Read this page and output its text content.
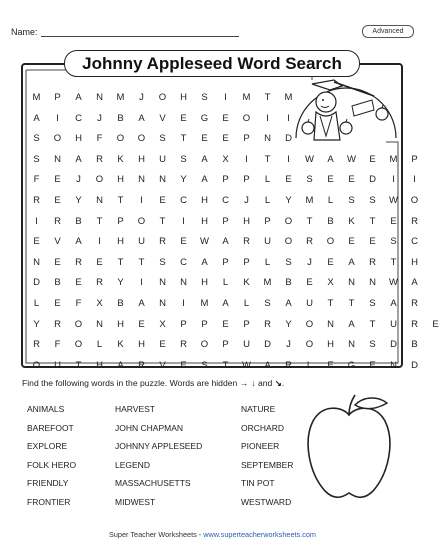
Name:	Advanced
Johnny Appleseed Word Search
M	P	A	N	M	J	O	H	S	I	M	T	M
A	I	C	J	B	A	V	E	G	E	O	I	I
S	O	H	F	O	O	S	T	E	E	P	N	D
S	N	A	R	K	H	U	S	A	X	I	T	I	W	A	W	E	M	P
F	E	J	O	H	N	N	Y	A	P	P	L	E	S	E	E	D	I	I
R	E	Y	N	T	I	E	C	H	C	J	L	Y	M	L	S	S	W	O
I	R	B	T	P	O	T	I	H	P	H	P	O	T	B	K	T	E	R
E	V	A	I	H	U	R	E	W	A	R	U	O	R	O	E	E	S	C
N	E	R	E	T	T	S	C	A	P	P	L	S	J	E	A	R	T	H
D	B	E	R	Y	I	N	N	H	L	K	M	B	E	X	N	N	W	A
L	E	F	X	B	A	N	I	M	A	L	S	A	U	T	T	S	A	R
Y	R	O	N	H	E	X	P	P	E	P	R	Y	O	N	A	T	U	R	E
R	F	O	L	K	H	E	R	O	P	U	D	J	O	H	N	S	D	B
O	U	T	H	A	R	V	E	S	T	W	A	R	L	E	G	E	N	D
Find the following words in the puzzle. Words are hidden → ↓ and ↘.
ANIMALS
BAREFOOT
EXPLORE
FOLK HERO
FRIENDLY
FRONTIER
HARVEST
JOHN CHAPMAN
JOHNNY APPLESEED
LEGEND
MASSACHUSETTS
MIDWEST
NATURE
ORCHARD
PIONEER
SEPTEMBER
TIN POT
WESTWARD
Super Teacher Worksheets - www.superteacherworksheets.com
